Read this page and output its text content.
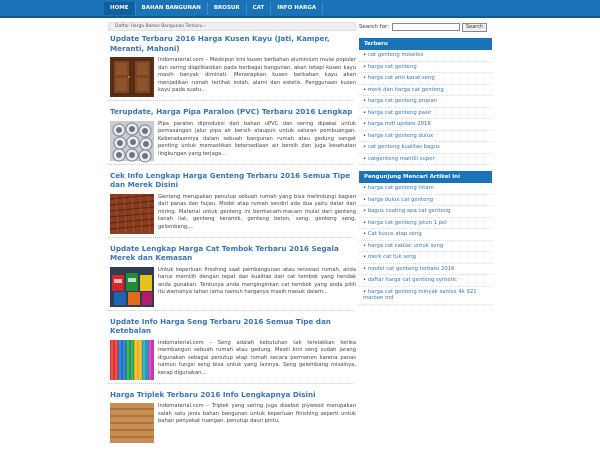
HOME	BAHAN BANGUNAN	BROSUR	CAT	INFO HARGA
Daftar Harga Bahan Bangunan Terbaru ›
Update Terbaru 2016 Harga Kusen Kayu (Jati, Kamper, Meranti, Mahoni)
Indomaterial.com – Meskipun kini kusen berbahan aluminium mulai populer dan sering diaplikasikan pada berbagai bangunan, akan tetapi kusen kayu masih banyak diminati. Menerapkan kusen berbahan kayu akan menjadikan rumah terlihat indah, alami dan estetis. Penggunaan kusen kayu pada suatu...
Terupdate, Harga Pipa Paralon (PVC) Terbaru 2016 Lengkap
Pipa paralon diproduksi dari bahan uPVC dan sering dipakai untuk pemasangan jalur pipa air bersih ataupun untuk saluran pembuangan. Keberadaannya dalam sebuah bangunan rumah atau gedung sangat penting untuk memastikan ketersediaan air bersih dan juga kesehatan lingkungan yang terjaga...
Cek Info Lengkap Harga Genteng Terbaru 2016 Semua Tipe dan Merek Disini
Genteng merupakan penutup sebuah rumah yang bisa melindungi bagian dari panas dan hujan. Model atap rumah sendiri ada dua yaitu datar dan miring. Material untuk genteng ini bermacam-macam mulai dari genteng tanah liat, genteng keramik, genteng beton, seng, genteng seng, gelombang,...
Update Lengkap Harga Cat Tembok Terbaru 2016 Segala Merek dan Kemasan
Untuk keperluan finishing saat pembangunan atau renovasi rumah, anda harus memilih dengan tepat dan kualitas dari cat tembok yang hendak anda gunakan. Tentunya anda menginginkan cat tembok yang anda pilih itu warnanya tahan lama namun harganya masih masuk dalam...
Update Info Harga Seng Terbaru 2016 Semua Tipe dan Ketebalan
Indomaterial.com – Seng adalah kebutuhan tak terelakkan ketika membangun sebuah rumah atau gedung. Meski kini seng sudah jarang digunakan sebagai penutup atap rumah secara permanen karena panas namun fungsi seng bisa untuk yang lainnya. Seng gelombang misalnya, kerap digunakan...
Harga Triplek Terbaru 2016 Info Lengkapnya Disini
Indomaterial.com – Triplek yang sering juga disebut plywood merupakan salah satu jenis bahan bangunan untuk keperluan finishing seperti untuk bahan penyekat ruangan, penutup daun pintu,
Search for:	Search
Terbaru
• cat genteng mowilex
• harga cat genteng
• harga cat anti karat seng
• merk dan harga cat genteng
• harga cat genteng propan
• harga cat genteng pasir
• harga mdf update 2016
• harga cat genteng dulux
• cat genteng kualitas bagus
• catgenteng mantili super
Pengunjung Mencari Artikel Ini
• harga cat genteng hitam
• harga dulux cat genteng
• bagus coating apa cat genteng
• harga cat genteng jotun 1 pel
• Cat kusus atap seng
• harga cat cablac untuk seng
• merk cat tuk seng
• model cat genteng terbaru 2016
• daftar harga cat genteng syntetic
• harga cat genteng minyak sanlex 4k 921 maroon md
